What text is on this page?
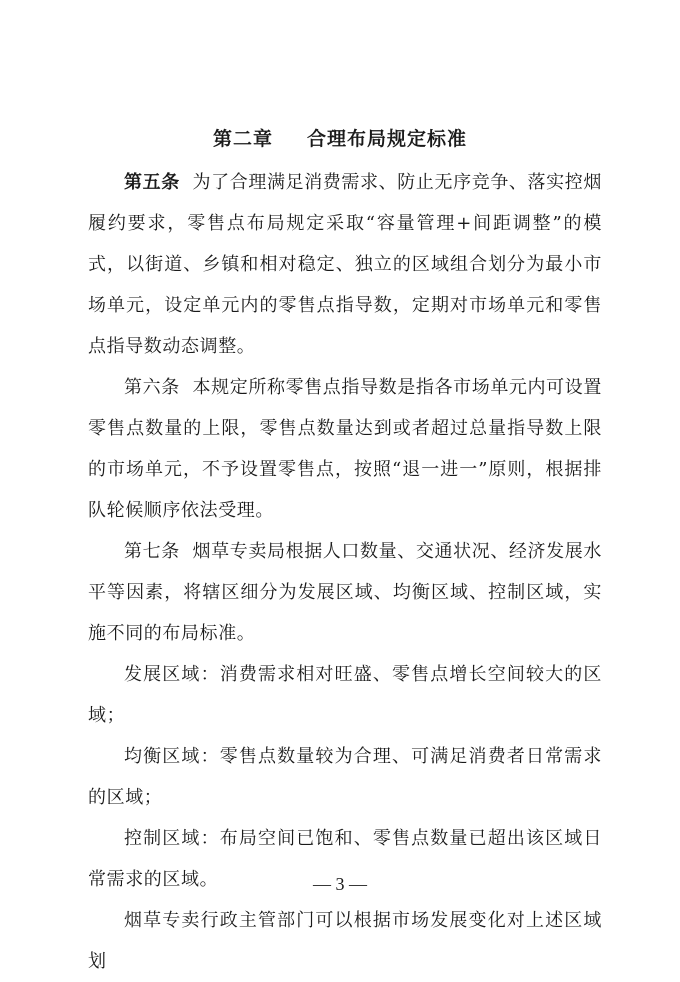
第二章 合理布局规定标准

第五条 为了合理满足消费需求、防止无序竞争、落实控烟履约要求，零售点布局规定采取“容量管理+间距调整”的模式，以街道、乡镇和相对稳定、独立的区域组合划分为最小市场单元，设定单元内的零售点指导数，定期对市场单元和零售点指导数动态调整。

第六条 本规定所称零售点指导数是指各市场单元内可设置零售点数量的上限，零售点数量达到或者超过总量指导数上限的市场单元，不予设置零售点，按照“退一进一”原则，根据排队轮候顺序依法受理。

第七条 烟草专卖局根据人口数量、交通状况、经济发展水平等因素，将辖区细分为发展区域、均衡区域、控制区域，实施不同的布局标准。

发展区域：消费需求相对旺盛、零售点增长空间较大的区域；

均衡区域：零售点数量较为合理、可满足消费者日常需求的区域；

控制区域：布局空间已饱和、零售点数量已超出该区域日常需求的区域。

烟草专卖行政主管部门可以根据市场发展变化对上述区域划

— 3 —
